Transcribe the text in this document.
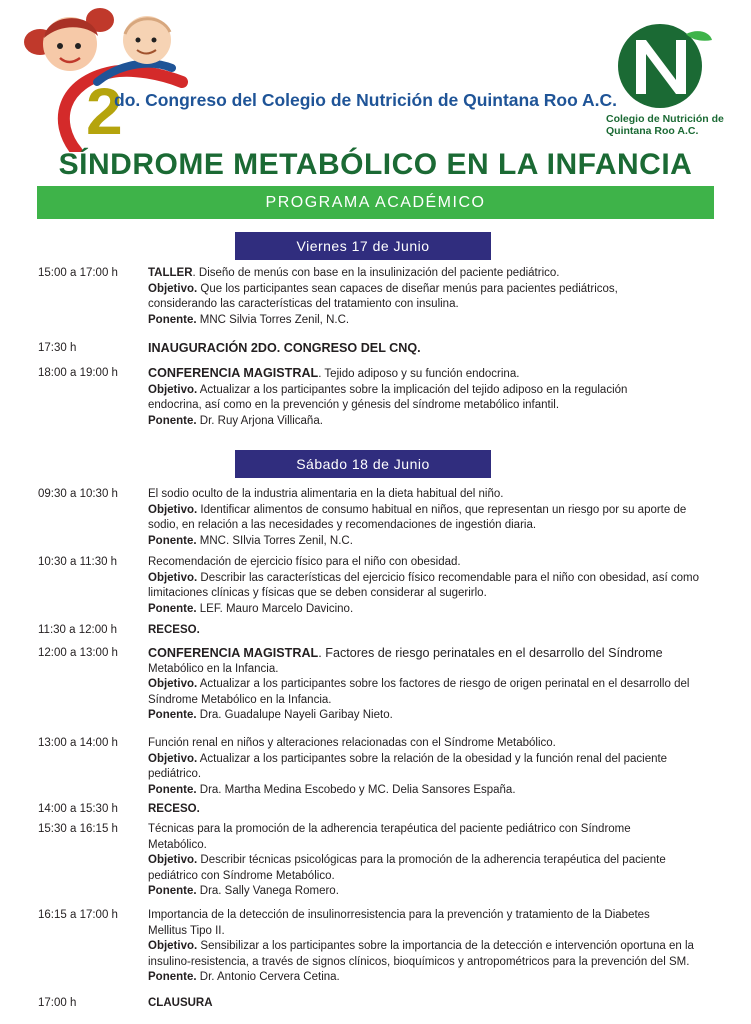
2
do. Congreso del Colegio de Nutrición de Quintana Roo A.C.
Colegio de Nutrición de Quintana Roo A.C.
SÍNDROME METABÓLICO EN LA INFANCIA
PROGRAMA ACADÉMICO
Viernes 17 de Junio
Sábado 18 de Junio
15:00 a 17:00 h	TALLER. Diseño de menús con base en la insulinización del paciente pediátrico.
Objetivo. Que los participantes sean capaces de diseñar menús para pacientes pediátricos,
considerando las características del tratamiento con insulina.
Ponente. MNC Silvia Torres Zenil, N.C.
17:30 h	INAUGURACIÓN 2DO. CONGRESO DEL CNQ.
18:00 a 19:00 h	CONFERENCIA MAGISTRAL. Tejido adiposo y su función endocrina.
Objetivo. Actualizar a los participantes sobre la implicación del tejido adiposo en la regulación
endocrina, así como en la prevención y génesis del síndrome metabólico infantil.
Ponente. Dr. Ruy Arjona Villicaña.
09:30 a 10:30 h	El sodio oculto de la industria alimentaria en la dieta habitual del niño.
Objetivo. Identificar alimentos de consumo habitual en niños, que representan un riesgo por su aporte de
sodio, en relación a las necesidades y recomendaciones de ingestión diaria.
Ponente. MNC. SIlvia Torres Zenil, N.C.
10:30 a 11:30 h	Recomendación de ejercicio físico para el niño con obesidad.
Objetivo. Describir las características del ejercicio físico recomendable para el niño con obesidad, así como
limitaciones clínicas y físicas que se deben considerar al sugerirlo.
Ponente. LEF. Mauro Marcelo Davicino.
11:30 a 12:00 h	RECESO.
12:00 a 13:00 h	CONFERENCIA MAGISTRAL. Factores de riesgo perinatales en el desarrollo del Síndrome
Metabólico en la Infancia.
Objetivo. Actualizar a los participantes sobre los factores de riesgo de origen perinatal en el desarrollo del
Síndrome Metabólico en la Infancia.
Ponente. Dra. Guadalupe Nayeli Garibay Nieto.
13:00 a 14:00 h	Función renal en niños y alteraciones relacionadas con el Síndrome Metabólico.
Objetivo. Actualizar a los participantes sobre la relación de la obesidad y la función renal del paciente
pediátrico.
Ponente. Dra. Martha Medina Escobedo y MC. Delia Sansores España.
14:00 a 15:30 h	RECESO.
15:30 a 16:15 h	Técnicas para la promoción de la adherencia terapéutica del paciente pediátrico con Síndrome
Metabólico.
Objetivo. Describir técnicas psicológicas para la promoción de la adherencia terapéutica del paciente
pediátrico con Síndrome Metabólico.
Ponente. Dra. Sally Vanega Romero.
16:15 a 17:00 h	Importancia de la detección de insulinorresistencia para la prevención y tratamiento de la Diabetes
Mellitus Tipo II.
Objetivo. Sensibilizar a los participantes sobre la importancia de la detección e intervención oportuna en la
insulino-resistencia, a través de signos clínicos, bioquímicos y antropométricos para la prevención del SM.
Ponente. Dr. Antonio Cervera Cetina.
17:00 h	CLAUSURA
